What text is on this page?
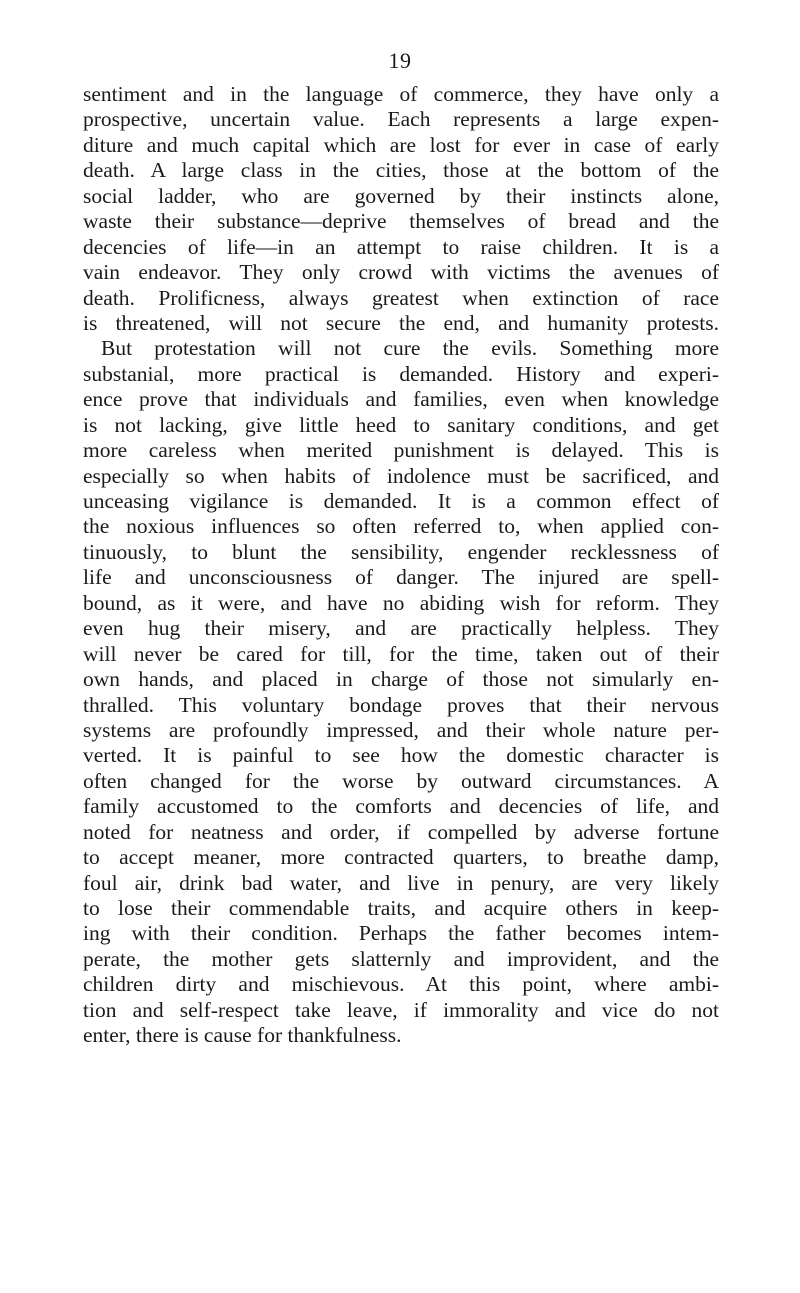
19
sentiment and in the language of commerce, they have only a
prospective, uncertain value. Each represents a large expen-
diture and much capital which are lost for ever in case of early
death. A large class in the cities, those at the bottom of the
social ladder, who are governed by their instincts alone,
waste their substance—deprive themselves of bread and the
decencies of life—in an attempt to raise children. It is a
vain endeavor. They only crowd with victims the avenues of
death. Prolificness, always greatest when extinction of race
is threatened, will not secure the end, and humanity protests.
But protestation will not cure the evils. Something more
substanial, more practical is demanded. History and experi-
ence prove that individuals and families, even when knowledge
is not lacking, give little heed to sanitary conditions, and get
more careless when merited punishment is delayed. This is
especially so when habits of indolence must be sacrificed, and
unceasing vigilance is demanded. It is a common effect of
the noxious influences so often referred to, when applied con-
tinuously, to blunt the sensibility, engender recklessness of
life and unconsciousness of danger. The injured are spell-
bound, as it were, and have no abiding wish for reform. They
even hug their misery, and are practically helpless. They
will never be cared for till, for the time, taken out of their
own hands, and placed in charge of those not simularly en-
thralled. This voluntary bondage proves that their nervous
systems are profoundly impressed, and their whole nature per-
verted. It is painful to see how the domestic character is
often changed for the worse by outward circumstances. A
family accustomed to the comforts and decencies of life, and
noted for neatness and order, if compelled by adverse fortune
to accept meaner, more contracted quarters, to breathe damp,
foul air, drink bad water, and live in penury, are very likely
to lose their commendable traits, and acquire others in keep-
ing with their condition. Perhaps the father becomes intem-
perate, the mother gets slatternly and improvident, and the
children dirty and mischievous. At this point, where ambi-
tion and self-respect take leave, if immorality and vice do not
enter, there is cause for thankfulness.
